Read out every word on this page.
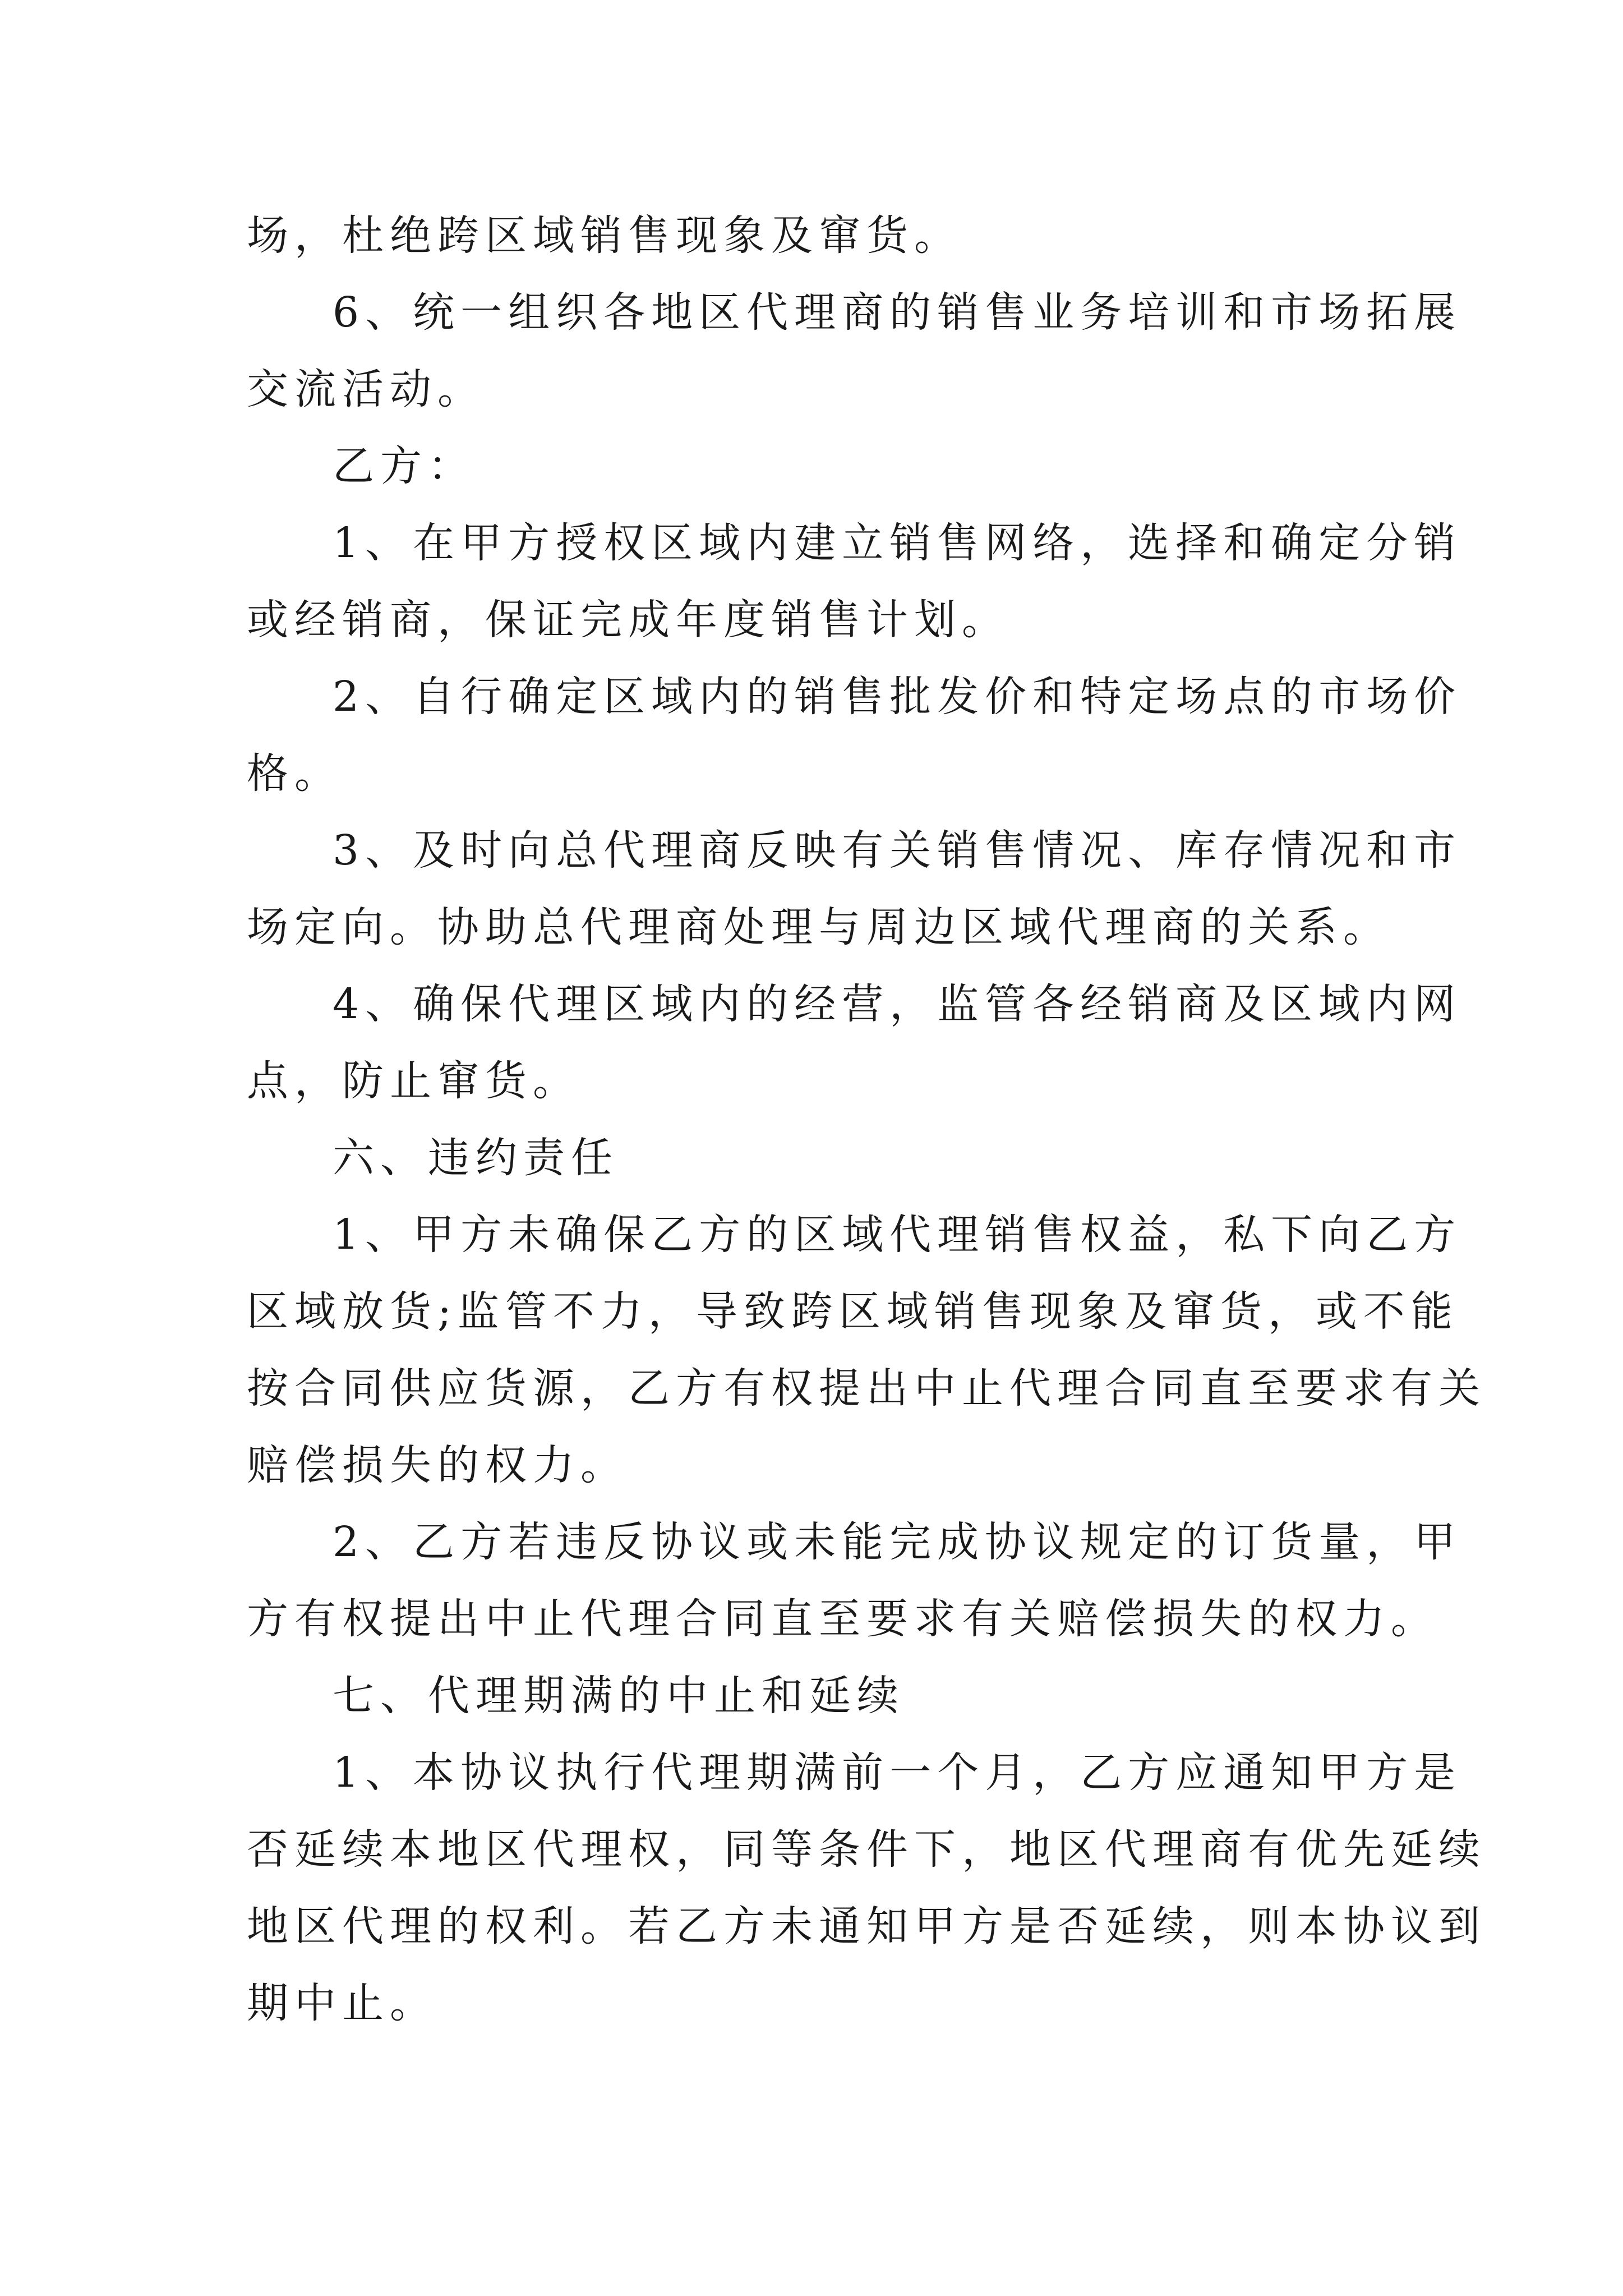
场，杜绝跨区域销售现象及窜货。
6、统一组织各地区代理商的销售业务培训和市场拓展
交流活动。
乙方：
1、在甲方授权区域内建立销售网络，选择和确定分销
或经销商，保证完成年度销售计划。
2、自行确定区域内的销售批发价和特定场点的市场价
格。
3、及时向总代理商反映有关销售情况、库存情况和市
场定向。协助总代理商处理与周边区域代理商的关系。
4、确保代理区域内的经营，监管各经销商及区域内网
点，防止窜货。
六、违约责任
1、甲方未确保乙方的区域代理销售权益，私下向乙方
区域放货;监管不力，导致跨区域销售现象及窜货，或不能
按合同供应货源，乙方有权提出中止代理合同直至要求有关
赔偿损失的权力。
2、乙方若违反协议或未能完成协议规定的订货量，甲
方有权提出中止代理合同直至要求有关赔偿损失的权力。
七、代理期满的中止和延续
1、本协议执行代理期满前一个月，乙方应通知甲方是
否延续本地区代理权，同等条件下，地区代理商有优先延续
地区代理的权利。若乙方未通知甲方是否延续，则本协议到
期中止。
